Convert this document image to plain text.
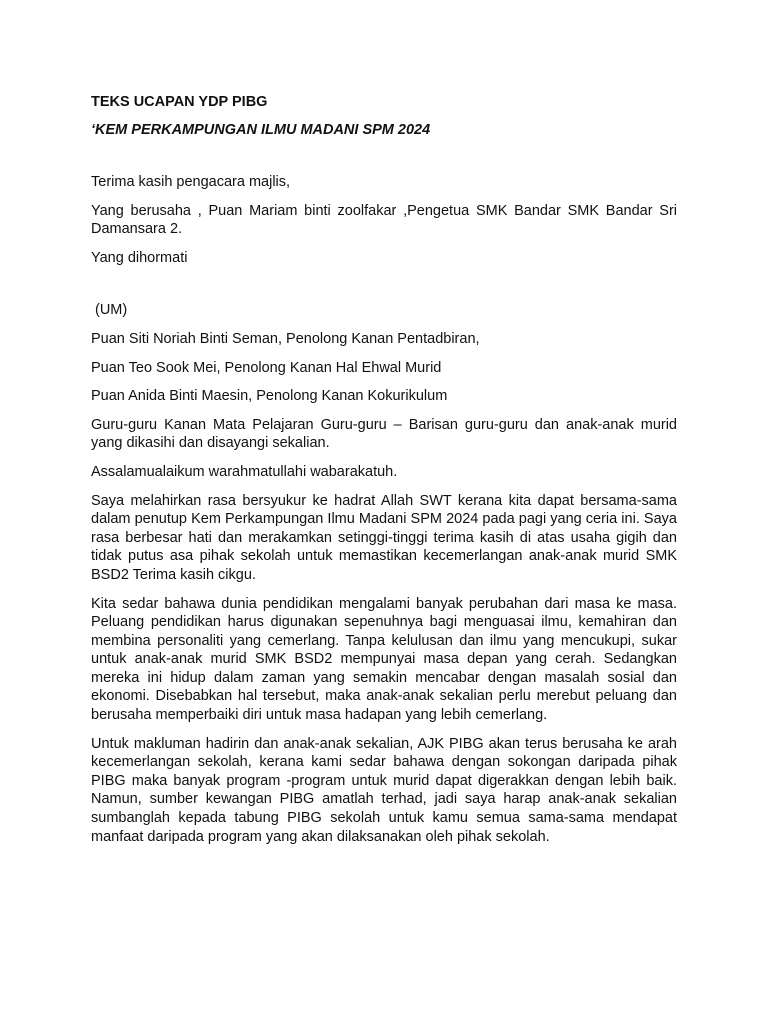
TEKS UCAPAN YDP PIBG
‘KEM PERKAMPUNGAN ILMU MADANI SPM 2024

Terima kasih pengacara majlis,

Yang berusaha , Puan Mariam binti zoolfakar ,Pengetua SMK Bandar SMK Bandar Sri Damansara 2.

Yang dihormati

(UM)

Puan Siti Noriah Binti Seman, Penolong Kanan Pentadbiran,

Puan Teo Sook Mei, Penolong Kanan Hal Ehwal Murid

Puan Anida Binti Maesin, Penolong Kanan Kokurikulum

Guru-guru Kanan Mata Pelajaran Guru-guru – Barisan guru-guru dan anak-anak murid yang dikasihi dan disayangi sekalian.

Assalamualaikum warahmatullahi wabarakatuh.

Saya melahirkan rasa bersyukur ke hadrat Allah SWT kerana kita dapat bersama-sama dalam penutup Kem Perkampungan Ilmu Madani SPM 2024 pada pagi yang ceria ini. Saya rasa berbesar hati dan merakamkan setinggi-tinggi terima kasih di atas usaha gigih dan tidak putus asa pihak sekolah untuk memastikan kecemerlangan anak-anak murid SMK BSD2 Terima kasih cikgu.

Kita sedar bahawa dunia pendidikan mengalami banyak perubahan dari masa ke masa. Peluang pendidikan harus digunakan sepenuhnya bagi menguasai ilmu, kemahiran dan membina personaliti yang cemerlang. Tanpa kelulusan dan ilmu yang mencukupi, sukar untuk anak-anak murid SMK BSD2 mempunyai masa depan yang cerah. Sedangkan mereka ini hidup dalam zaman yang semakin mencabar dengan masalah sosial dan ekonomi. Disebabkan hal tersebut, maka anak-anak sekalian perlu merebut peluang dan berusaha memperbaiki diri untuk masa hadapan yang lebih cemerlang.

Untuk makluman hadirin dan anak-anak sekalian, AJK PIBG akan terus berusaha ke arah kecemerlangan sekolah, kerana kami sedar bahawa dengan sokongan daripada pihak PIBG maka banyak program -program untuk murid dapat digerakkan dengan lebih baik. Namun, sumber kewangan PIBG amatlah terhad, jadi saya harap anak-anak sekalian sumbanglah kepada tabung PIBG sekolah untuk kamu semua sama-sama mendapat manfaat daripada program yang akan dilaksanakan oleh pihak sekolah.
